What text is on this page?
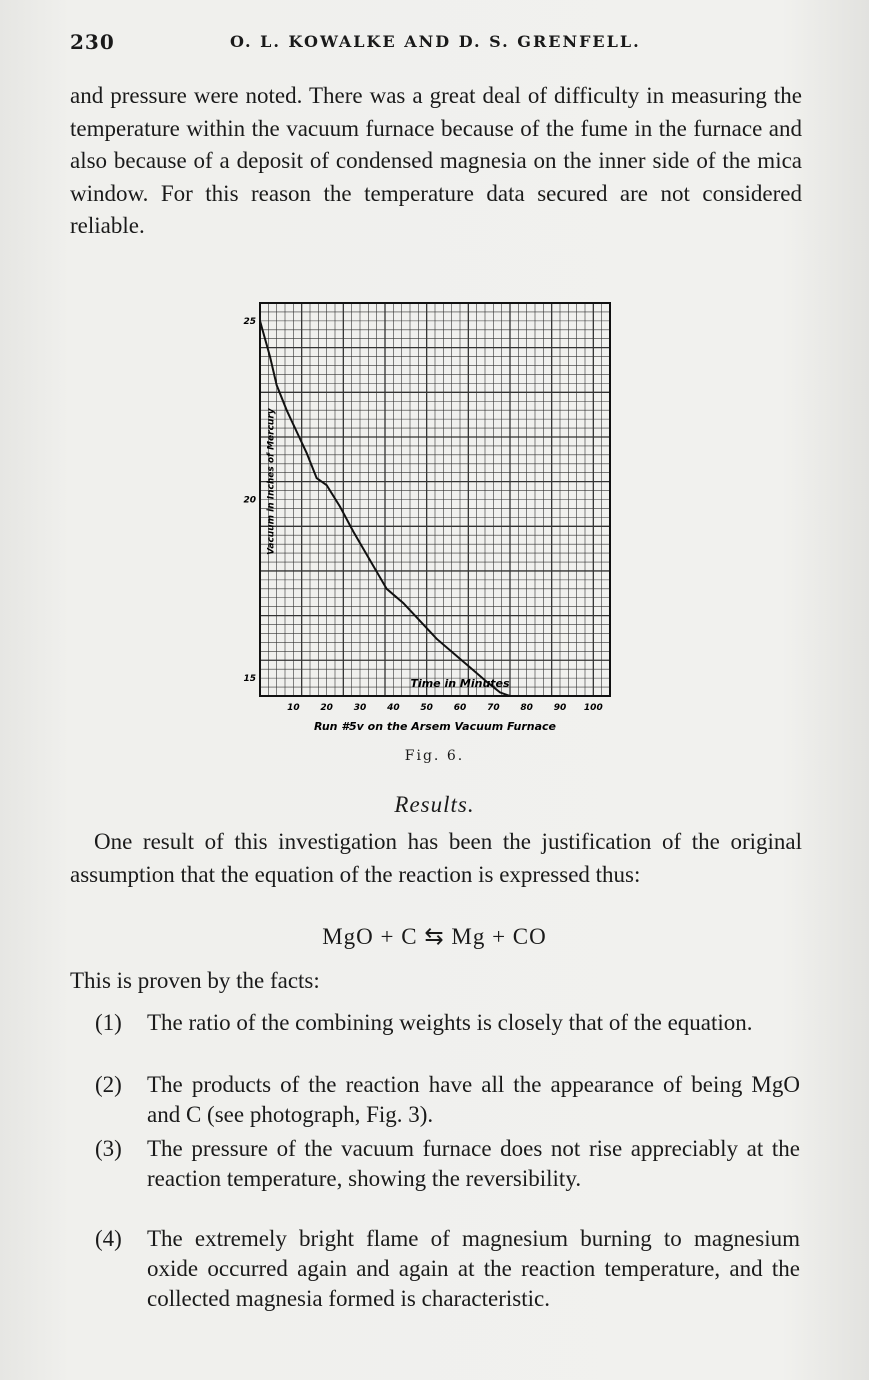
230	O. L. KOWALKE AND D. S. GRENFELL.

and pressure were noted. There was a great deal of difficulty in measuring the temperature within the vacuum furnace because of the fume in the furnace and also because of a deposit of condensed magnesia on the inner side of the mica window. For this reason the temperature data secured are not considered reliable.

10 20 30 40 50 60 70 80 90 100
15
20
25
Time in Minutes
Vacuum in Inches of Mercury
Run #5v on the Arsem Vacuum Furnace
Fig. 6.
Results.

One result of this investigation has been the justification of the original assumption that the equation of the reaction is expressed thus:

MgO + C ⇆ Mg + CO
This is proven by the facts:
(1)	The ratio of the combining weights is closely that of the equation.
(2)	The products of the reaction have all the appearance of being MgO and C (see photograph, Fig. 3).
(3)	The pressure of the vacuum furnace does not rise appreciably at the reaction temperature, showing the reversibility.
(4)	The extremely bright flame of magnesium burning to magnesium oxide occurred again and again at the reaction temperature, and the collected magnesia formed is characteristic.
